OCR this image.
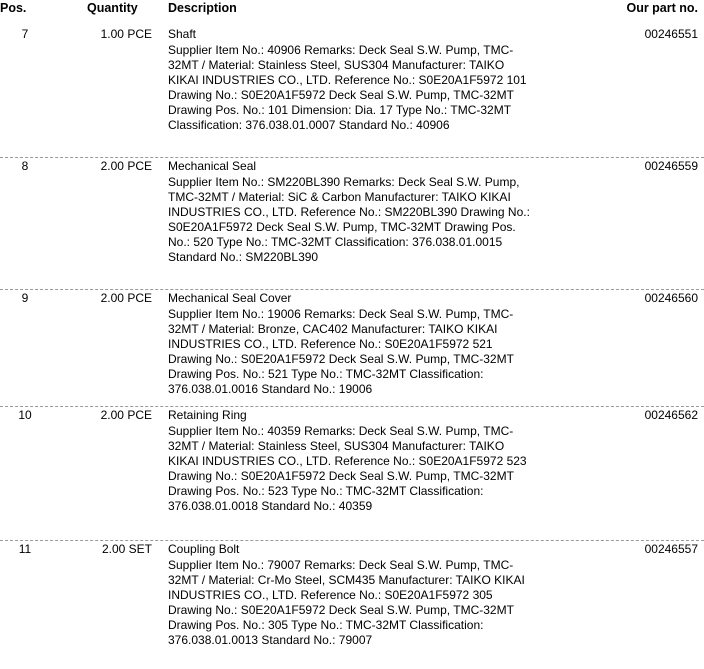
Pos.	Quantity Description	Our part no.
7	1.00 PCE Shaft	00246551
Supplier Item No.: 40906 Remarks: Deck Seal S.W. Pump, TMC-32MT / Material: Stainless Steel, SUS304 Manufacturer: TAIKO KIKAI INDUSTRIES CO., LTD. Reference No.: S0E20A1F5972 101 Drawing No.: S0E20A1F5972 Deck Seal S.W. Pump, TMC-32MT Drawing Pos. No.: 101 Dimension: Dia. 17 Type No.: TMC-32MT Classification: 376.038.01.0007 Standard No.: 40906
8	2.00 PCE Mechanical Seal	00246559
Supplier Item No.: SM220BL390 Remarks: Deck Seal S.W. Pump, TMC-32MT / Material: SiC & Carbon Manufacturer: TAIKO KIKAI INDUSTRIES CO., LTD. Reference No.: SM220BL390 Drawing No.: S0E20A1F5972 Deck Seal S.W. Pump, TMC-32MT Drawing Pos. No.: 520 Type No.: TMC-32MT Classification: 376.038.01.0015 Standard No.: SM220BL390
9	2.00 PCE Mechanical Seal Cover	00246560
Supplier Item No.: 19006 Remarks: Deck Seal S.W. Pump, TMC-32MT / Material: Bronze, CAC402 Manufacturer: TAIKO KIKAI INDUSTRIES CO., LTD. Reference No.: S0E20A1F5972 521 Drawing No.: S0E20A1F5972 Deck Seal S.W. Pump, TMC-32MT Drawing Pos. No.: 521 Type No.: TMC-32MT Classification: 376.038.01.0016 Standard No.: 19006
10	2.00 PCE Retaining Ring	00246562
Supplier Item No.: 40359 Remarks: Deck Seal S.W. Pump, TMC-32MT / Material: Stainless Steel, SUS304 Manufacturer: TAIKO KIKAI INDUSTRIES CO., LTD. Reference No.: S0E20A1F5972 523 Drawing No.: S0E20A1F5972 Deck Seal S.W. Pump, TMC-32MT Drawing Pos. No.: 523 Type No.: TMC-32MT Classification: 376.038.01.0018 Standard No.: 40359
11	2.00 SET Coupling Bolt	00246557
Supplier Item No.: 79007 Remarks: Deck Seal S.W. Pump, TMC-32MT / Material: Cr-Mo Steel, SCM435 Manufacturer: TAIKO KIKAI INDUSTRIES CO., LTD. Reference No.: S0E20A1F5972 305 Drawing No.: S0E20A1F5972 Deck Seal S.W. Pump, TMC-32MT Drawing Pos. No.: 305 Type No.: TMC-32MT Classification: 376.038.01.0013 Standard No.: 79007
